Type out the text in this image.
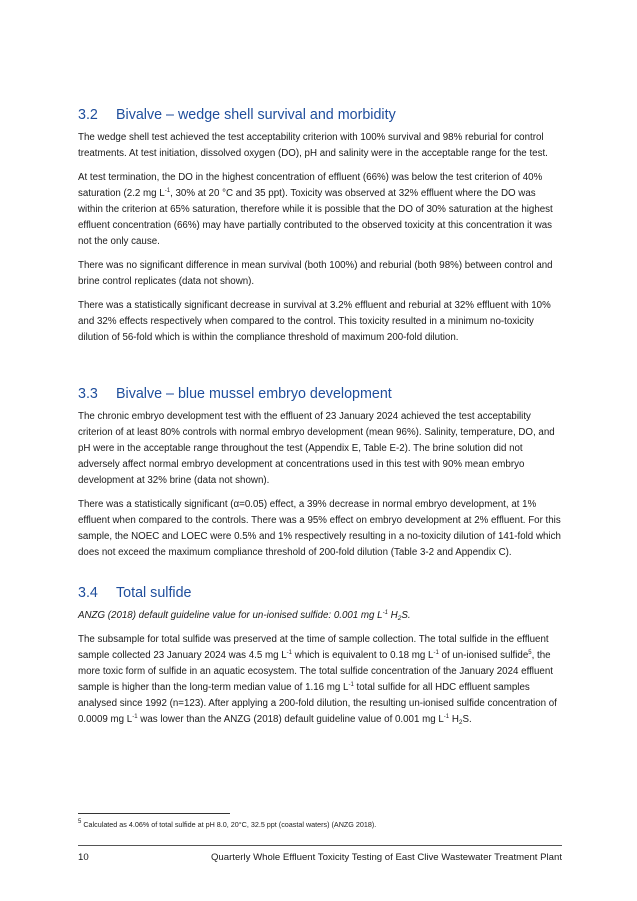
3.2	Bivalve – wedge shell survival and morbidity

The wedge shell test achieved the test acceptability criterion with 100% survival and 98% reburial for control treatments. At test initiation, dissolved oxygen (DO), pH and salinity were in the acceptable range for the test.

At test termination, the DO in the highest concentration of effluent (66%) was below the test criterion of 40% saturation (2.2 mg $L^{-1}$, 30% at 20 °C and 35 ppt). Toxicity was observed at 32% effluent where the DO was within the criterion at 65% saturation, therefore while it is possible that the DO of 30% saturation at the highest effluent concentration (66%) may have partially contributed to the observed toxicity at this concentration it was not the only cause.

There was no significant difference in mean survival (both 100%) and reburial (both 98%) between control and brine control replicates (data not shown).

There was a statistically significant decrease in survival at 3.2% effluent and reburial at 32% effluent with 10% and 32% effects respectively when compared to the control. This toxicity resulted in a minimum no-toxicity dilution of 56-fold which is within the compliance threshold of maximum 200-fold dilution.

3.3	Bivalve – blue mussel embryo development

The chronic embryo development test with the effluent of 23 January 2024 achieved the test acceptability criterion of at least 80% controls with normal embryo development (mean 96%). Salinity, temperature, DO, and pH were in the acceptable range throughout the test (Appendix E, Table E-2). The brine solution did not adversely affect normal embryo development at concentrations used in this test with 90% mean embryo development at 32% brine (data not shown).

There was a statistically significant (α=0.05) effect, a 39% decrease in normal embryo development, at 1% effluent when compared to the controls. There was a 95% effect on embryo development at 2% effluent. For this sample, the NOEC and LOEC were 0.5% and 1% respectively resulting in a no-toxicity dilution of 141-fold which does not exceed the maximum compliance threshold of 200-fold dilution (Table 3-2 and Appendix C).

3.4	Total sulfide

ANZG (2018) default guideline value for un-ionised sulfide: 0.001 mg $L^{-1}$ $H_2S$.

The subsample for total sulfide was preserved at the time of sample collection. The total sulfide in the effluent sample collected 23 January 2024 was 4.5 mg $L^{-1}$ which is equivalent to 0.18 mg $L^{-1}$ of un-ionised sulfide$^5$, the more toxic form of sulfide in an aquatic ecosystem. The total sulfide concentration of the January 2024 effluent sample is higher than the long-term median value of 1.16 mg $L^{-1}$ total sulfide for all HDC effluent samples analysed since 1992 (n=123). After applying a 200-fold dilution, the resulting un-ionised sulfide concentration of 0.0009 mg $L^{-1}$ was lower than the ANZG (2018) default guideline value of 0.001 mg $L^{-1}$ $H_2S$.

$^5$ Calculated as 4.06% of total sulfide at pH 8.0, 20°C, 32.5 ppt (coastal waters) (ANZG 2018).
10	Quarterly Whole Effluent Toxicity Testing of East Clive Wastewater Treatment Plant
